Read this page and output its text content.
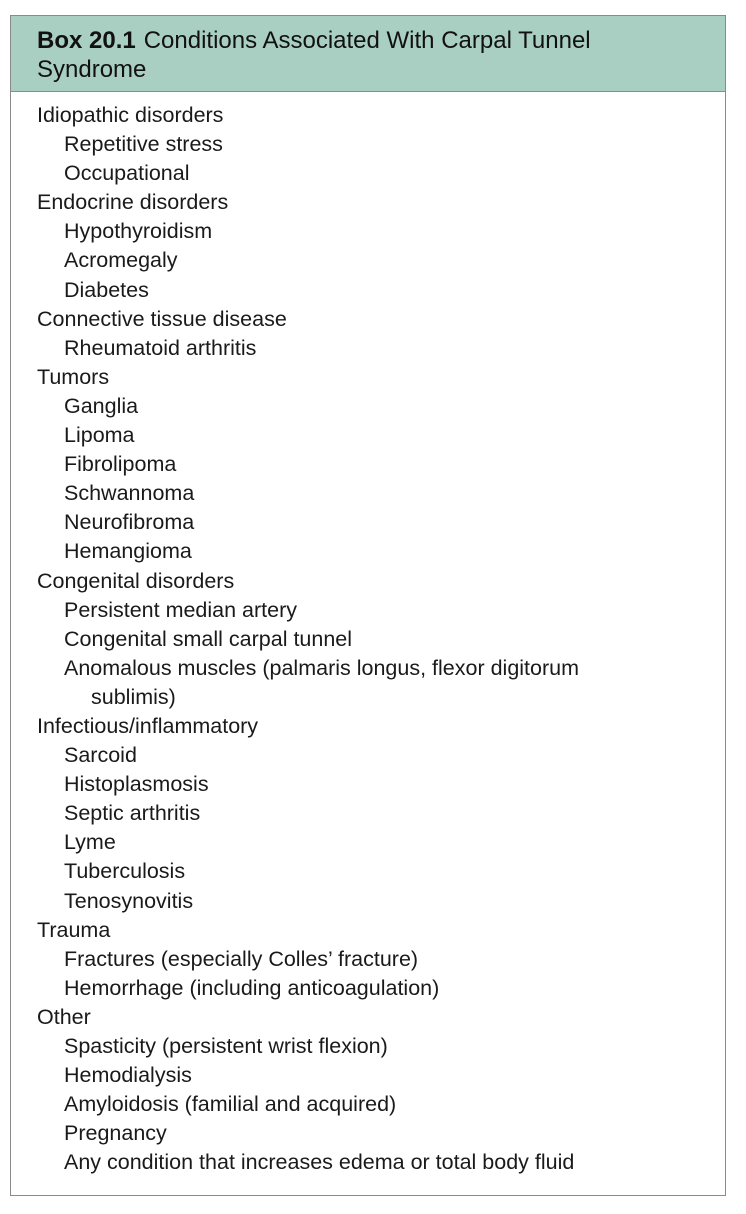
Box 20.1 Conditions Associated With Carpal Tunnel
Syndrome
Idiopathic disorders
Repetitive stress
Occupational
Endocrine disorders
Hypothyroidism
Acromegaly
Diabetes
Connective tissue disease
Rheumatoid arthritis
Tumors
Ganglia
Lipoma
Fibrolipoma
Schwannoma
Neurofibroma
Hemangioma
Congenital disorders
Persistent median artery
Congenital small carpal tunnel
Anomalous muscles (palmaris longus, flexor digitorum
sublimis)
Infectious/inflammatory
Sarcoid
Histoplasmosis
Septic arthritis
Lyme
Tuberculosis
Tenosynovitis
Trauma
Fractures (especially Colles’ fracture)
Hemorrhage (including anticoagulation)
Other
Spasticity (persistent wrist flexion)
Hemodialysis
Amyloidosis (familial and acquired)
Pregnancy
Any condition that increases edema or total body fluid
